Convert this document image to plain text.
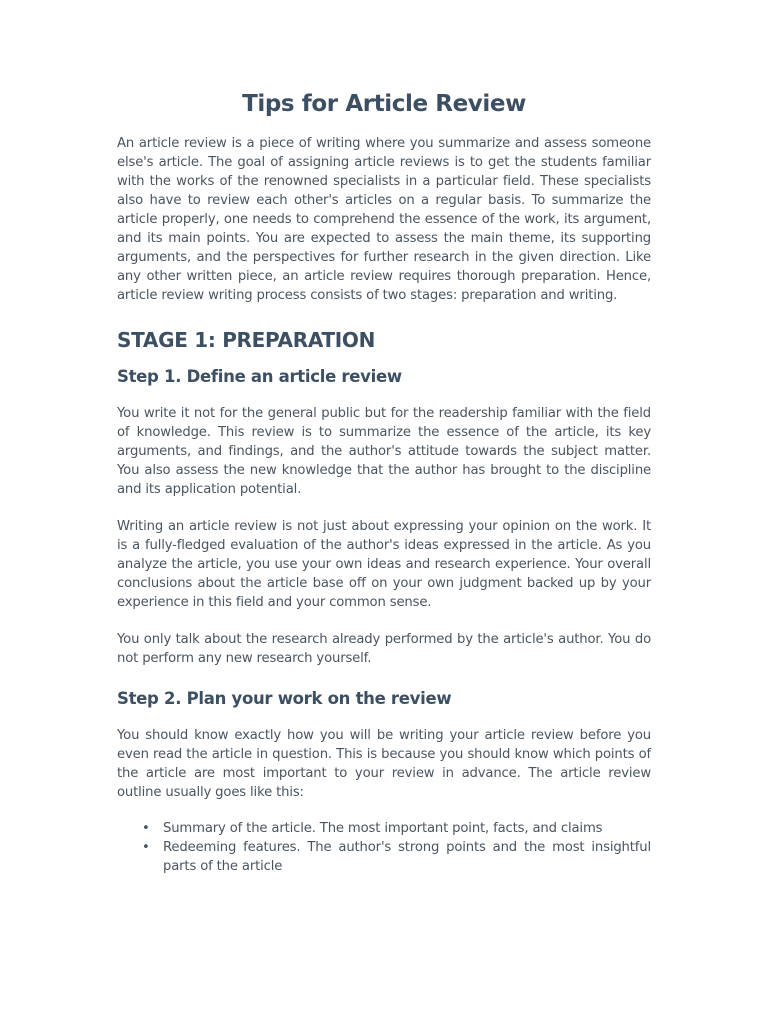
Tips for Article Review

An article review is a piece of writing where you summarize and assess someone else's article. The goal of assigning article reviews is to get the students familiar with the works of the renowned specialists in a particular field. These specialists also have to review each other's articles on a regular basis. To summarize the article properly, one needs to comprehend the essence of the work, its argument, and its main points. You are expected to assess the main theme, its supporting arguments, and the perspectives for further research in the given direction. Like any other written piece, an article review requires thorough preparation. Hence, article review writing process consists of two stages: preparation and writing.

STAGE 1: PREPARATION
Step 1. Define an article review

You write it not for the general public but for the readership familiar with the field of knowledge. This review is to summarize the essence of the article, its key arguments, and findings, and the author's attitude towards the subject matter. You also assess the new knowledge that the author has brought to the discipline and its application potential.

Writing an article review is not just about expressing your opinion on the work. It is a fully-fledged evaluation of the author's ideas expressed in the article. As you analyze the article, you use your own ideas and research experience. Your overall conclusions about the article base off on your own judgment backed up by your experience in this field and your common sense.

You only talk about the research already performed by the article's author. You do not perform any new research yourself.

Step 2. Plan your work on the review

You should know exactly how you will be writing your article review before you even read the article in question. This is because you should know which points of the article are most important to your review in advance. The article review outline usually goes like this:

• Summary of the article. The most important point, facts, and claims
• Redeeming features. The author's strong points and the most insightful parts of the article
